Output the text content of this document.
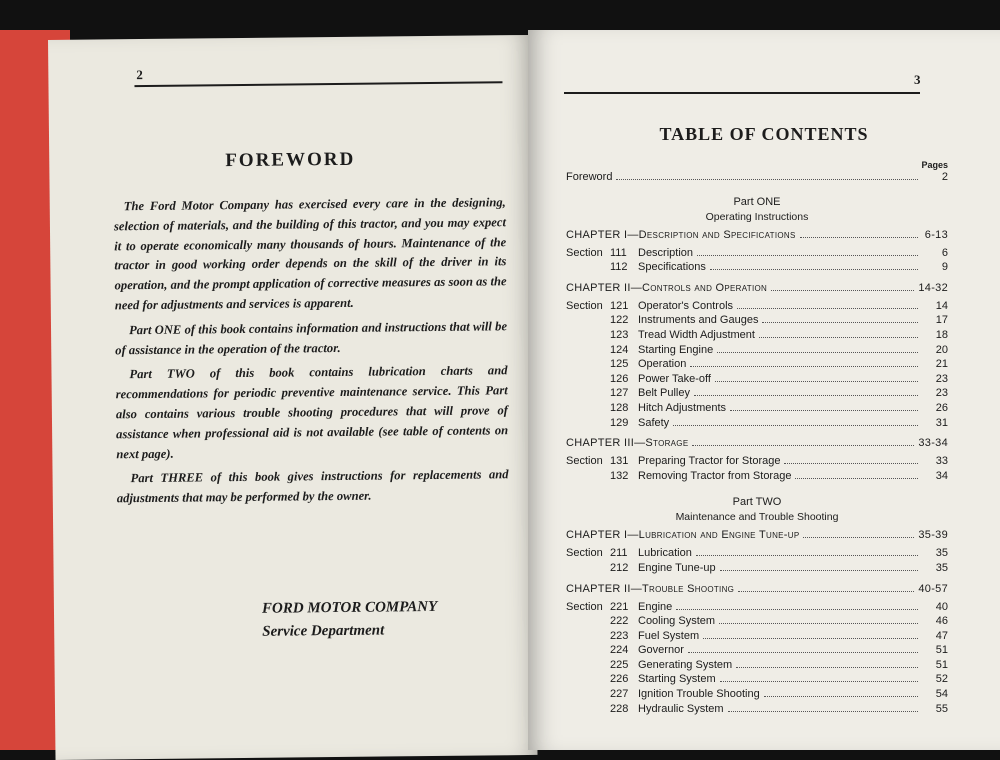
2
FOREWORD

The Ford Motor Company has exercised every care in the designing, selection of materials, and the building of this tractor, and you may expect it to operate economically many thousands of hours. Maintenance of the tractor in good working order depends on the skill of the driver in its operation, and the prompt application of corrective measures as soon as the need for adjustments and services is apparent.

Part ONE of this book contains information and instructions that will be of assistance in the operation of the tractor.

Part TWO of this book contains lubrication charts and recommendations for periodic preventive maintenance service. This Part also contains various trouble shooting procedures that will prove of assistance when professional aid is not available (see table of contents on next page).

Part THREE of this book gives instructions for replacements and adjustments that may be performed by the owner.

FORD MOTOR COMPANY
Service Department
3
TABLE OF CONTENTS
Pages
Foreword	2
Part ONE
Operating Instructions
CHAPTER I—Description and Specifications	6-13
Section 111	Description	6
112 Specifications	9
CHAPTER II—Controls and Operation	14-32
Section 121 Operator's Controls	14
122 Instruments and Gauges	17
123 Tread Width Adjustment	18
124 Starting Engine	20
125 Operation	21
126 Power Take-off	23
127 Belt Pulley	23
128 Hitch Adjustments	26
129 Safety	31
CHAPTER III—Storage	33-34
Section 131 Preparing Tractor for Storage	33
132 Removing Tractor from Storage	34
Part TWO
Maintenance and Trouble Shooting
CHAPTER I—Lubrication and Engine Tune-up	35-39
Section 211 Lubrication	35
212 Engine Tune-up	35
CHAPTER II—Trouble Shooting	40-57
Section 221 Engine	40
222 Cooling System	46
223 Fuel System	47
224 Governor	51
225 Generating System	51
226 Starting System	52
227 Ignition Trouble Shooting	54
228 Hydraulic System	55
